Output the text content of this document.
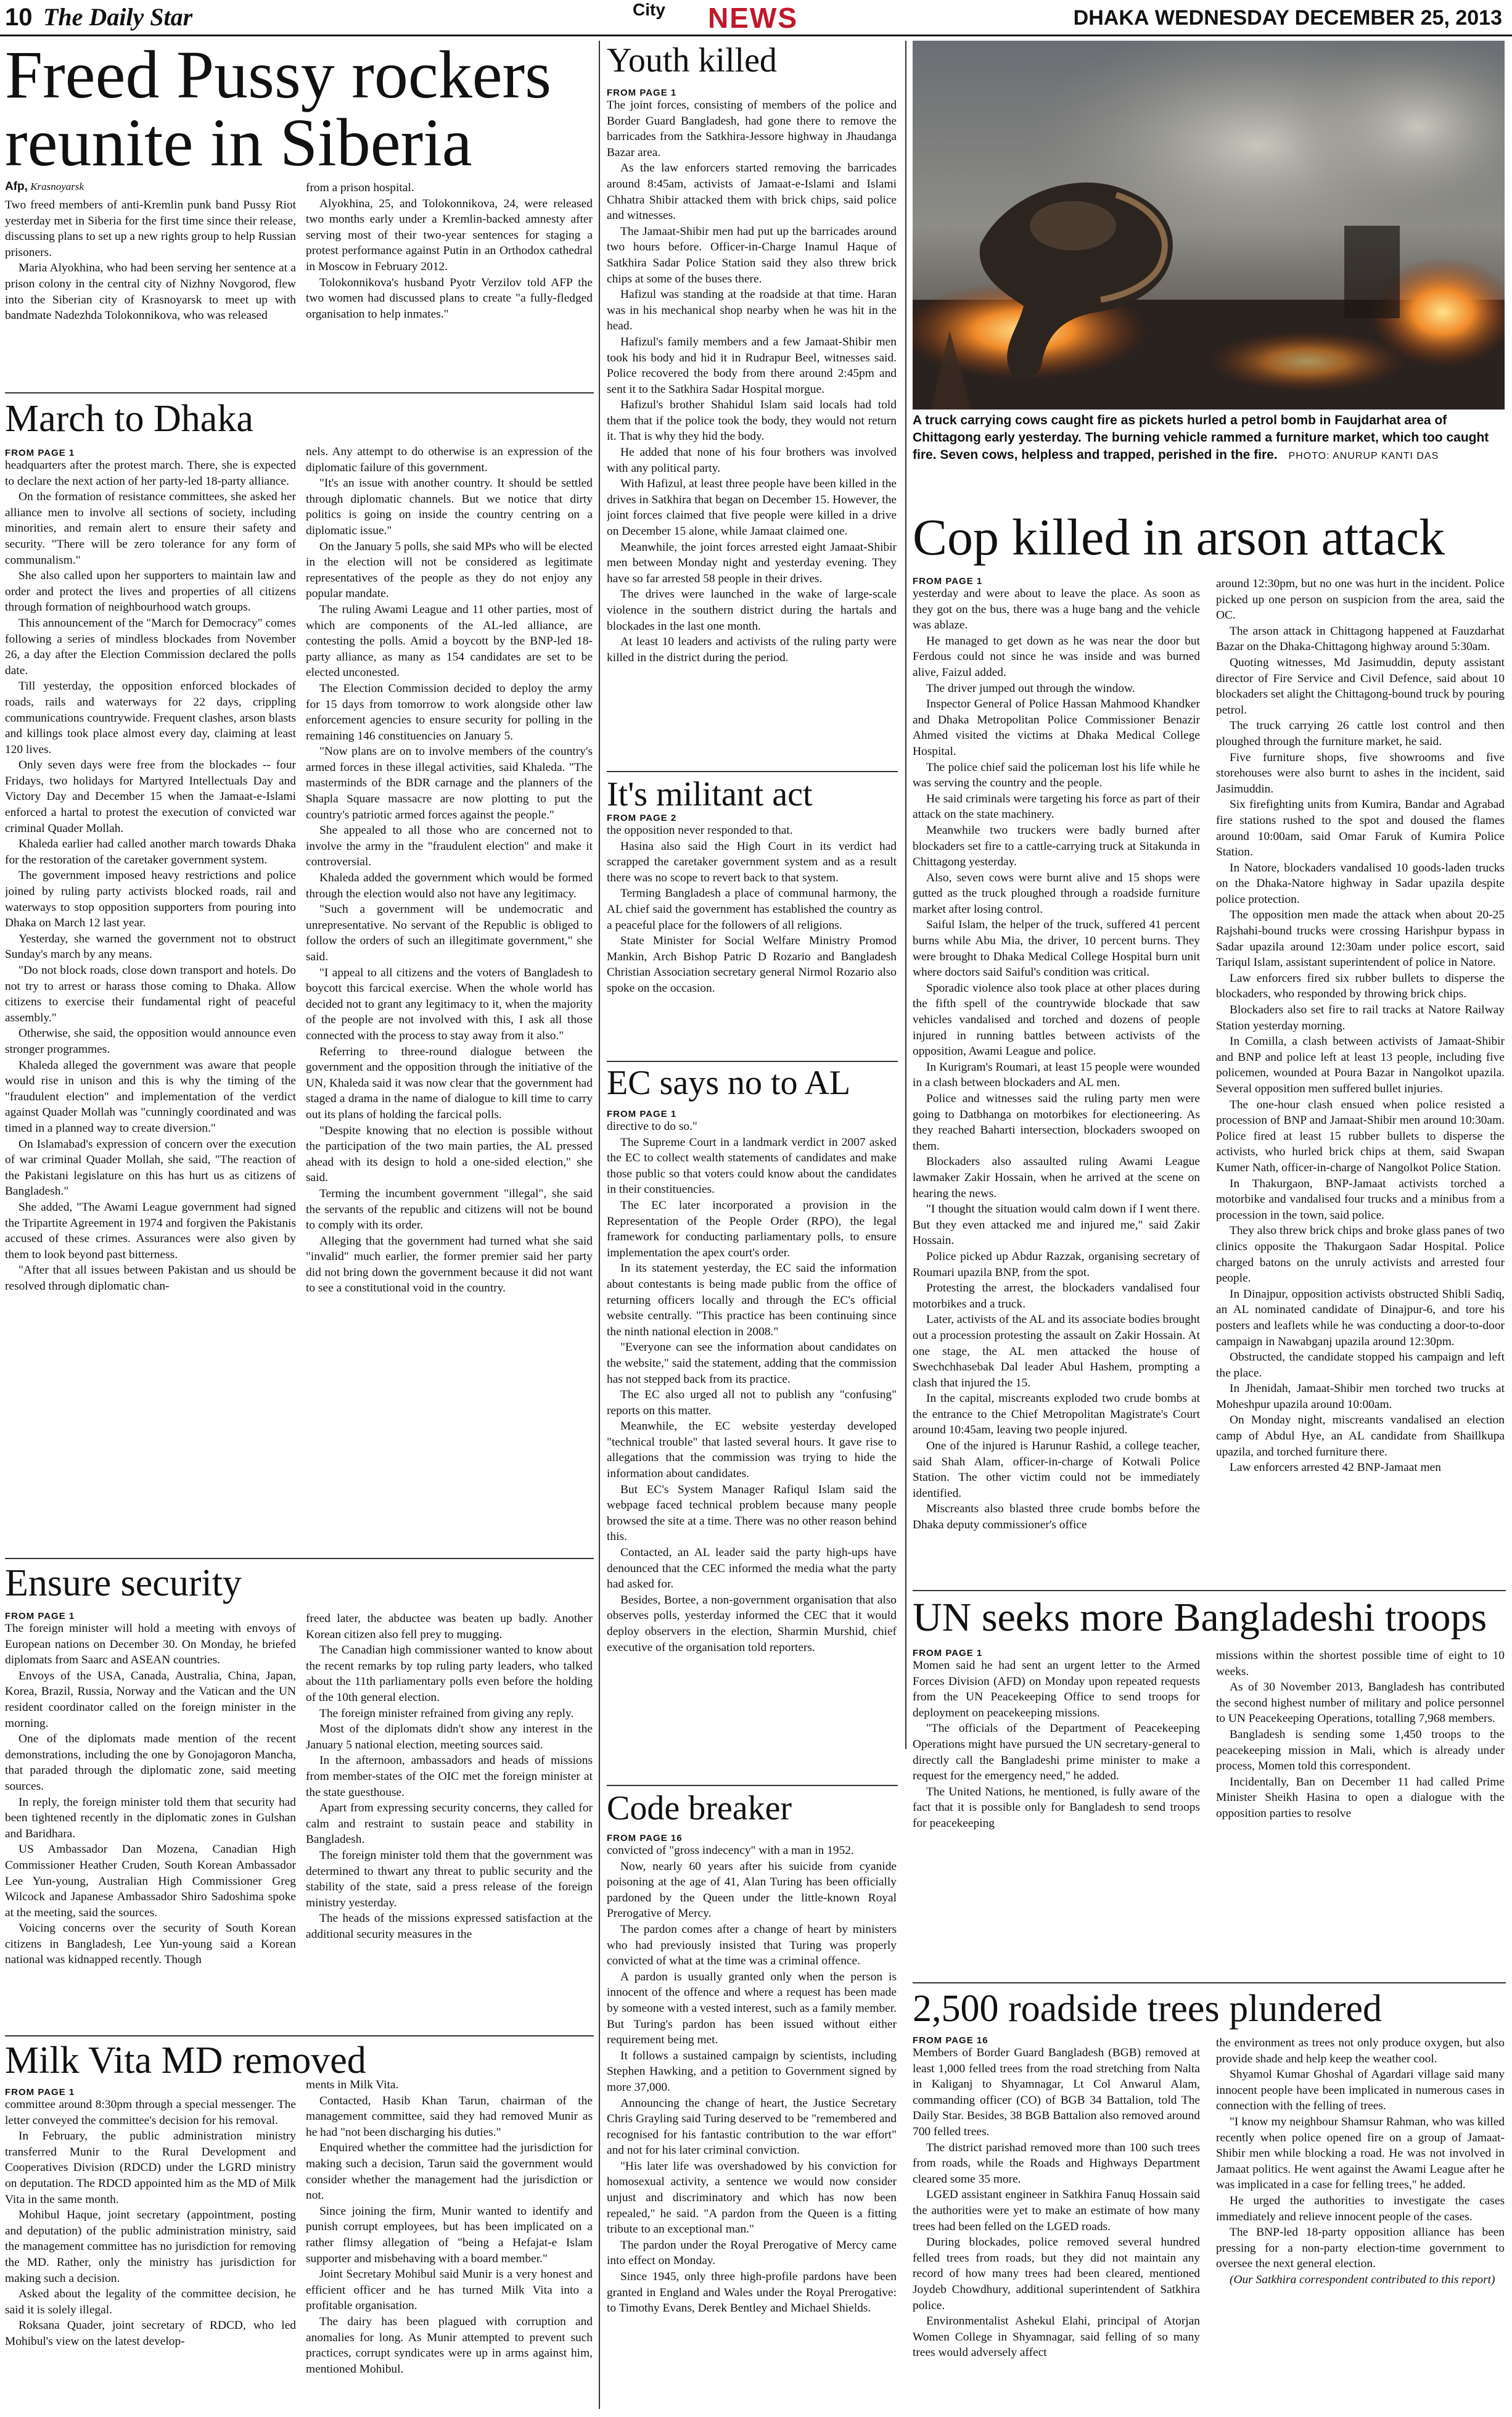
10 The Daily Star	City NEWS	DHAKA WEDNESDAY DECEMBER 25, 2013
Freed Pussy rockers reunite in Siberia
Afp, Krasnoyarsk

Two freed members of anti-Kremlin punk band Pussy Riot yesterday met in Siberia for the first time since their release, discussing plans to set up a new rights group to help Russian prisoners.

Maria Alyokhina, who had been serving her sentence at a prison colony in the central city of Nizhny Novgorod, flew into the Siberian city of Krasnoyarsk to meet up with bandmate Nadezhda Tolokonnikova, who was released

from a prison hospital.

Alyokhina, 25, and Tolokonnikova, 24, were released two months early under a Kremlin-backed amnesty after serving most of their two-year sentences for staging a protest performance against Putin in an Orthodox cathedral in Moscow in February 2012.

Tolokonnikova's husband Pyotr Verzilov told AFP the two women had discussed plans to create "a fully-fledged organisation to help inmates."

March to Dhaka
FROM PAGE 1

headquarters after the protest march. There, she is expected to declare the next action of her party-led 18-party alliance.

On the formation of resistance committees, she asked her alliance men to involve all sections of society, including minorities, and remain alert to ensure their safety and security. "There will be zero tolerance for any form of communalism."

She also called upon her supporters to maintain law and order and protect the lives and properties of all citizens through formation of neighbourhood watch groups.

This announcement of the "March for Democracy" comes following a series of mindless blockades from November 26, a day after the Election Commission declared the polls date.

Till yesterday, the opposition enforced blockades of roads, rails and waterways for 22 days, crippling communications countrywide. Frequent clashes, arson blasts and killings took place almost every day, claiming at least 120 lives.

Only seven days were free from the blockades -- four Fridays, two holidays for Martyred Intellectuals Day and Victory Day and December 15 when the Jamaat-e-Islami enforced a hartal to protest the execution of convicted war criminal Quader Mollah.

Khaleda earlier had called another march towards Dhaka for the restoration of the caretaker government system.

The government imposed heavy restrictions and police joined by ruling party activists blocked roads, rail and waterways to stop opposition supporters from pouring into Dhaka on March 12 last year.

Yesterday, she warned the government not to obstruct Sunday's march by any means.

"Do not block roads, close down transport and hotels. Do not try to arrest or harass those coming to Dhaka. Allow citizens to exercise their fundamental right of peaceful assembly."

Otherwise, she said, the opposition would announce even stronger programmes.

Khaleda alleged the government was aware that people would rise in unison and this is why the timing of the "fraudulent election" and implementation of the verdict against Quader Mollah was "cunningly coordinated and was timed in a planned way to create diversion."

On Islamabad's expression of concern over the execution of war criminal Quader Mollah, she said, "The reaction of the Pakistani legislature on this has hurt us as citizens of Bangladesh."

She added, "The Awami League government had signed the Tripartite Agreement in 1974 and forgiven the Pakistanis accused of these crimes. Assurances were also given by them to look beyond past bitterness.

"After that all issues between Pakistan and us should be resolved through diplomatic chan-

nels. Any attempt to do otherwise is an expression of the diplomatic failure of this government.

"It's an issue with another country. It should be settled through diplomatic channels. But we notice that dirty politics is going on inside the country centring on a diplomatic issue."

On the January 5 polls, she said MPs who will be elected in the election will not be considered as legitimate representatives of the people as they do not enjoy any popular mandate.

The ruling Awami League and 11 other parties, most of which are components of the AL-led alliance, are contesting the polls. Amid a boycott by the BNP-led 18-party alliance, as many as 154 candidates are set to be elected unconested.

The Election Commission decided to deploy the army for 15 days from tomorrow to work alongside other law enforcement agencies to ensure security for polling in the remaining 146 constituencies on January 5.

"Now plans are on to involve members of the country's armed forces in these illegal activities, said Khaleda. "The masterminds of the BDR carnage and the planners of the Shapla Square massacre are now plotting to put the country's patriotic armed forces against the people."

She appealed to all those who are concerned not to involve the army in the "fraudulent election" and make it controversial.

Khaleda added the government which would be formed through the election would also not have any legitimacy.

"Such a government will be undemocratic and unrepresentative. No servant of the Republic is obliged to follow the orders of such an illegitimate government," she said.

"I appeal to all citizens and the voters of Bangladesh to boycott this farcical exercise. When the whole world has decided not to grant any legitimacy to it, when the majority of the people are not involved with this, I ask all those connected with the process to stay away from it also."

Referring to three-round dialogue between the government and the opposition through the initiative of the UN, Khaleda said it was now clear that the government had staged a drama in the name of dialogue to kill time to carry out its plans of holding the farcical polls.

"Despite knowing that no election is possible without the participation of the two main parties, the AL pressed ahead with its design to hold a one-sided election," she said.

Terming the incumbent government "illegal", she said the servants of the republic and citizens will not be bound to comply with its order.

Alleging that the government had turned what she said "invalid" much earlier, the former premier said her party did not bring down the government because it did not want to see a constitutional void in the country.

Ensure security
FROM PAGE 1

The foreign minister will hold a meeting with envoys of European nations on December 30. On Monday, he briefed diplomats from Saarc and ASEAN countries.

Envoys of the USA, Canada, Australia, China, Japan, Korea, Brazil, Russia, Norway and the Vatican and the UN resident coordinator called on the foreign minister in the morning.

One of the diplomats made mention of the recent demonstrations, including the one by Gonojagoron Mancha, that paraded through the diplomatic zone, said meeting sources.

In reply, the foreign minister told them that security had been tightened recently in the diplomatic zones in Gulshan and Baridhara.

US Ambassador Dan Mozena, Canadian High Commissioner Heather Cruden, South Korean Ambassador Lee Yun-young, Australian High Commissioner Greg Wilcock and Japanese Ambassador Shiro Sadoshima spoke at the meeting, said the sources.

Voicing concerns over the security of South Korean citizens in Bangladesh, Lee Yun-young said a Korean national was kidnapped recently. Though

freed later, the abductee was beaten up badly. Another Korean citizen also fell prey to mugging.

The Canadian high commissioner wanted to know about the recent remarks by top ruling party leaders, who talked about the 11th parliamentary polls even before the holding of the 10th general election.

The foreign minister refrained from giving any reply.

Most of the diplomats didn't show any interest in the January 5 national election, meeting sources said.

In the afternoon, ambassadors and heads of missions from member-states of the OIC met the foreign minister at the state guesthouse.

Apart from expressing security concerns, they called for calm and restraint to sustain peace and stability in Bangladesh.

The foreign minister told them that the government was determined to thwart any threat to public security and the stability of the state, said a press release of the foreign ministry yesterday.

The heads of the missions expressed satisfaction at the additional security measures in the

Milk Vita MD removed
FROM PAGE 1

committee around 8:30pm through a special messenger. The letter conveyed the committee's decision for his removal.

In February, the public administration ministry transferred Munir to the Rural Development and Cooperatives Division (RDCD) under the LGRD ministry on deputation. The RDCD appointed him as the MD of Milk Vita in the same month.

Mohibul Haque, joint secretary (appointment, posting and deputation) of the public administration ministry, said the management committee has no jurisdiction for removing the MD. Rather, only the ministry has jurisdiction for making such a decision.

Asked about the legality of the committee decision, he said it is solely illegal.

Roksana Quader, joint secretary of RDCD, who led Mohibul's view on the latest develop-

ments in Milk Vita.

Contacted, Hasib Khan Tarun, chairman of the management committee, said they had removed Munir as he had "not been discharging his duties."

Enquired whether the committee had the jurisdiction for making such a decision, Tarun said the government would consider whether the management had the jurisdiction or not.

Since joining the firm, Munir wanted to identify and punish corrupt employees, but has been implicated on a rather flimsy allegation of "being a Hefajat-e Islam supporter and misbehaving with a board member."

Joint Secretary Mohibul said Munir is a very honest and efficient officer and he has turned Milk Vita into a profitable organisation.

The dairy has been plagued with corruption and anomalies for long. As Munir attempted to prevent such practices, corrupt syndicates were up in arms against him, mentioned Mohibul.

Youth killed
FROM PAGE 1

The joint forces, consisting of members of the police and Border Guard Bangladesh, had gone there to remove the barricades from the Satkhira-Jessore highway in Jhaudanga Bazar area.

As the law enforcers started removing the barricades around 8:45am, activists of Jamaat-e-Islami and Islami Chhatra Shibir attacked them with brick chips, said police and witnesses.

The Jamaat-Shibir men had put up the barricades around two hours before. Officer-in-Charge Inamul Haque of Satkhira Sadar Police Station said they also threw brick chips at some of the buses there.

Hafizul was standing at the roadside at that time. Haran was in his mechanical shop nearby when he was hit in the head.

Hafizul's family members and a few Jamaat-Shibir men took his body and hid it in Rudrapur Beel, witnesses said. Police recovered the body from there around 2:45pm and sent it to the Satkhira Sadar Hospital morgue.

Hafizul's brother Shahidul Islam said locals had told them that if the police took the body, they would not return it. That is why they hid the body.

He added that none of his four brothers was involved with any political party.

With Hafizul, at least three people have been killed in the drives in Satkhira that began on December 15. However, the joint forces claimed that five people were killed in a drive on December 15 alone, while Jamaat claimed one.

Meanwhile, the joint forces arrested eight Jamaat-Shibir men between Monday night and yesterday evening. They have so far arrested 58 people in their drives.

The drives were launched in the wake of large-scale violence in the southern district during the hartals and blockades in the last one month.

At least 10 leaders and activists of the ruling party were killed in the district during the period.

It's militant act
FROM PAGE 2

the opposition never responded to that.

Hasina also said the High Court in its verdict had scrapped the caretaker government system and as a result there was no scope to revert back to that system.

Terming Bangladesh a place of communal harmony, the AL chief said the government has established the country as a peaceful place for the followers of all religions.

State Minister for Social Welfare Ministry Promod Mankin, Arch Bishop Patric D Rozario and Bangladesh Christian Association secretary general Nirmol Rozario also spoke on the occasion.

EC says no to AL
FROM PAGE 1

directive to do so."

The Supreme Court in a landmark verdict in 2007 asked the EC to collect wealth statements of candidates and make those public so that voters could know about the candidates in their constituencies.

The EC later incorporated a provision in the Representation of the People Order (RPO), the legal framework for conducting parliamentary polls, to ensure implementation the apex court's order.

In its statement yesterday, the EC said the information about contestants is being made public from the office of returning officers locally and through the EC's official website centrally. "This practice has been continuing since the ninth national election in 2008."

"Everyone can see the information about candidates on the website," said the statement, adding that the commission has not stepped back from its practice.

The EC also urged all not to publish any "confusing" reports on this matter.

Meanwhile, the EC website yesterday developed "technical trouble" that lasted several hours. It gave rise to allegations that the commission was trying to hide the information about candidates.

But EC's System Manager Rafiqul Islam said the webpage faced technical problem because many people browsed the site at a time. There was no other reason behind this.

Contacted, an AL leader said the party high-ups have denounced that the CEC informed the media what the party had asked for.

Besides, Bortee, a non-government organisation that also observes polls, yesterday informed the CEC that it would deploy observers in the election, Sharmin Murshid, chief executive of the organisation told reporters.

Code breaker
FROM PAGE 16

convicted of "gross indecency" with a man in 1952.

Now, nearly 60 years after his suicide from cyanide poisoning at the age of 41, Alan Turing has been officially pardoned by the Queen under the little-known Royal Prerogative of Mercy.

The pardon comes after a change of heart by ministers who had previously insisted that Turing was properly convicted of what at the time was a criminal offence.

A pardon is usually granted only when the person is innocent of the offence and where a request has been made by someone with a vested interest, such as a family member. But Turing's pardon has been issued without either requirement being met.

It follows a sustained campaign by scientists, including Stephen Hawking, and a petition to Government signed by more 37,000.

Announcing the change of heart, the Justice Secretary Chris Grayling said Turing deserved to be "remembered and recognised for his fantastic contribution to the war effort" and not for his later criminal conviction.

"His later life was overshadowed by his conviction for homosexual activity, a sentence we would now consider unjust and discriminatory and which has now been repealed," he said. "A pardon from the Queen is a fitting tribute to an exceptional man."

The pardon under the Royal Prerogative of Mercy came into effect on Monday.

Since 1945, only three high-profile pardons have been granted in England and Wales under the Royal Prerogative: to Timothy Evans, Derek Bentley and Michael Shields.

A truck carrying cows caught fire as pickets hurled a petrol bomb in Faujdarhat area of Chittagong early yesterday. The burning vehicle rammed a furniture market, which too caught fire. Seven cows, helpless and trapped, perished in the fire. PHOTO: ANURUP KANTI DAS
Cop killed in arson attack
FROM PAGE 1

yesterday and were about to leave the place. As soon as they got on the bus, there was a huge bang and the vehicle was ablaze.

He managed to get down as he was near the door but Ferdous could not since he was inside and was burned alive, Faizul added.

The driver jumped out through the window.

Inspector General of Police Hassan Mahmood Khandker and Dhaka Metropolitan Police Commissioner Benazir Ahmed visited the victims at Dhaka Medical College Hospital.

The police chief said the policeman lost his life while he was serving the country and the people.

He said criminals were targeting his force as part of their attack on the state machinery.

Meanwhile two truckers were badly burned after blockaders set fire to a cattle-carrying truck at Sitakunda in Chittagong yesterday.

Also, seven cows were burnt alive and 15 shops were gutted as the truck ploughed through a roadside furniture market after losing control.

Saiful Islam, the helper of the truck, suffered 41 percent burns while Abu Mia, the driver, 10 percent burns. They were brought to Dhaka Medical College Hospital burn unit where doctors said Saiful's condition was critical.

Sporadic violence also took place at other places during the fifth spell of the countrywide blockade that saw vehicles vandalised and torched and dozens of people injured in running battles between activists of the opposition, Awami League and police.

In Kurigram's Roumari, at least 15 people were wounded in a clash between blockaders and AL men.

Police and witnesses said the ruling party men were going to Datbhanga on motorbikes for electioneering. As they reached Baharti intersection, blockaders swooped on them.

Blockaders also assaulted ruling Awami League lawmaker Zakir Hossain, when he arrived at the scene on hearing the news.

"I thought the situation would calm down if I went there. But they even attacked me and injured me," said Zakir Hossain.

Police picked up Abdur Razzak, organising secretary of Roumari upazila BNP, from the spot.

Protesting the arrest, the blockaders vandalised four motorbikes and a truck.

Later, activists of the AL and its associate bodies brought out a procession protesting the assault on Zakir Hossain. At one stage, the AL men attacked the house of Swechchhasebak Dal leader Abul Hashem, prompting a clash that injured the 15.

In the capital, miscreants exploded two crude bombs at the entrance to the Chief Metropolitan Magistrate's Court around 10:45am, leaving two people injured.

One of the injured is Harunur Rashid, a college teacher, said Shah Alam, officer-in-charge of Kotwali Police Station. The other victim could not be immediately identified.

Miscreants also blasted three crude bombs before the Dhaka deputy commissioner's office

around 12:30pm, but no one was hurt in the incident. Police picked up one person on suspicion from the area, said the OC.

The arson attack in Chittagong happened at Fauzdarhat Bazar on the Dhaka-Chittagong highway around 5:30am.

Quoting witnesses, Md Jasimuddin, deputy assistant director of Fire Service and Civil Defence, said about 10 blockaders set alight the Chittagong-bound truck by pouring petrol.

The truck carrying 26 cattle lost control and then ploughed through the furniture market, he said.

Five furniture shops, five showrooms and five storehouses were also burnt to ashes in the incident, said Jasimuddin.

Six firefighting units from Kumira, Bandar and Agrabad fire stations rushed to the spot and doused the flames around 10:00am, said Omar Faruk of Kumira Police Station.

In Natore, blockaders vandalised 10 goods-laden trucks on the Dhaka-Natore highway in Sadar upazila despite police protection.

The opposition men made the attack when about 20-25 Rajshahi-bound trucks were crossing Harishpur bypass in Sadar upazila around 12:30am under police escort, said Tariqul Islam, assistant superintendent of police in Natore.

Law enforcers fired six rubber bullets to disperse the blockaders, who responded by throwing brick chips.

Blockaders also set fire to rail tracks at Natore Railway Station yesterday morning.

In Comilla, a clash between activists of Jamaat-Shibir and BNP and police left at least 13 people, including five policemen, wounded at Poura Bazar in Nangolkot upazila. Several opposition men suffered bullet injuries.

The one-hour clash ensued when police resisted a procession of BNP and Jamaat-Shibir men around 10:30am. Police fired at least 15 rubber bullets to disperse the activists, who hurled brick chips at them, said Swapan Kumer Nath, officer-in-charge of Nangolkot Police Station.

In Thakurgaon, BNP-Jamaat activists torched a motorbike and vandalised four trucks and a minibus from a procession in the town, said police.

They also threw brick chips and broke glass panes of two clinics opposite the Thakurgaon Sadar Hospital. Police charged batons on the unruly activists and arrested four people.

In Dinajpur, opposition activists obstructed Shibli Sadiq, an AL nominated candidate of Dinajpur-6, and tore his posters and leaflets while he was conducting a door-to-door campaign in Nawabganj upazila around 12:30pm.

Obstructed, the candidate stopped his campaign and left the place.

In Jhenidah, Jamaat-Shibir men torched two trucks at Moheshpur upazila around 10:00am.

On Monday night, miscreants vandalised an election camp of Abdul Hye, an AL candidate from Shaillkupa upazila, and torched furniture there.

Law enforcers arrested 42 BNP-Jamaat men

UN seeks more Bangladeshi troops
FROM PAGE 1

Momen said he had sent an urgent letter to the Armed Forces Division (AFD) on Monday upon repeated requests from the UN Peacekeeping Office to send troops for deployment on peacekeeping missions.

"The officials of the Department of Peacekeeping Operations might have pursued the UN secretary-general to directly call the Bangladeshi prime minister to make a request for the emergency need," he added.

The United Nations, he mentioned, is fully aware of the fact that it is possible only for Bangladesh to send troops for peacekeeping

missions within the shortest possible time of eight to 10 weeks.

As of 30 November 2013, Bangladesh has contributed the second highest number of military and police personnel to UN Peacekeeping Operations, totalling 7,968 members.

Bangladesh is sending some 1,450 troops to the peacekeeping mission in Mali, which is already under process, Momen told this correspondent.

Incidentally, Ban on December 11 had called Prime Minister Sheikh Hasina to open a dialogue with the opposition parties to resolve

2,500 roadside trees plundered
FROM PAGE 16

Members of Border Guard Bangladesh (BGB) removed at least 1,000 felled trees from the road stretching from Nalta in Kaliganj to Shyamnagar, Lt Col Anwarul Alam, commanding officer (CO) of BGB 34 Battalion, told The Daily Star. Besides, 38 BGB Battalion also removed around 700 felled trees.

The district parishad removed more than 100 such trees from roads, while the Roads and Highways Department cleared some 35 more.

LGED assistant engineer in Satkhira Fanuq Hossain said the authorities were yet to make an estimate of how many trees had been felled on the LGED roads.

During blockades, police removed several hundred felled trees from roads, but they did not maintain any record of how many trees had been cleared, mentioned Joydeb Chowdhury, additional superintendent of Satkhira police.

Environmentalist Ashekul Elahi, principal of Atorjan Women College in Shyamnagar, said felling of so many trees would adversely affect

the environment as trees not only produce oxygen, but also provide shade and help keep the weather cool.

Shyamol Kumar Ghoshal of Agardari village said many innocent people have been implicated in numerous cases in connection with the felling of trees.

"I know my neighbour Shamsur Rahman, who was killed recently when police opened fire on a group of Jamaat-Shibir men while blocking a road. He was not involved in Jamaat politics. He went against the Awami League after he was implicated in a case for felling trees," he added.

He urged the authorities to investigate the cases immediately and relieve innocent people of the cases.

The BNP-led 18-party opposition alliance has been pressing for a non-party election-time government to oversee the next general election.

(Our Satkhira correspondent contributed to this report)
